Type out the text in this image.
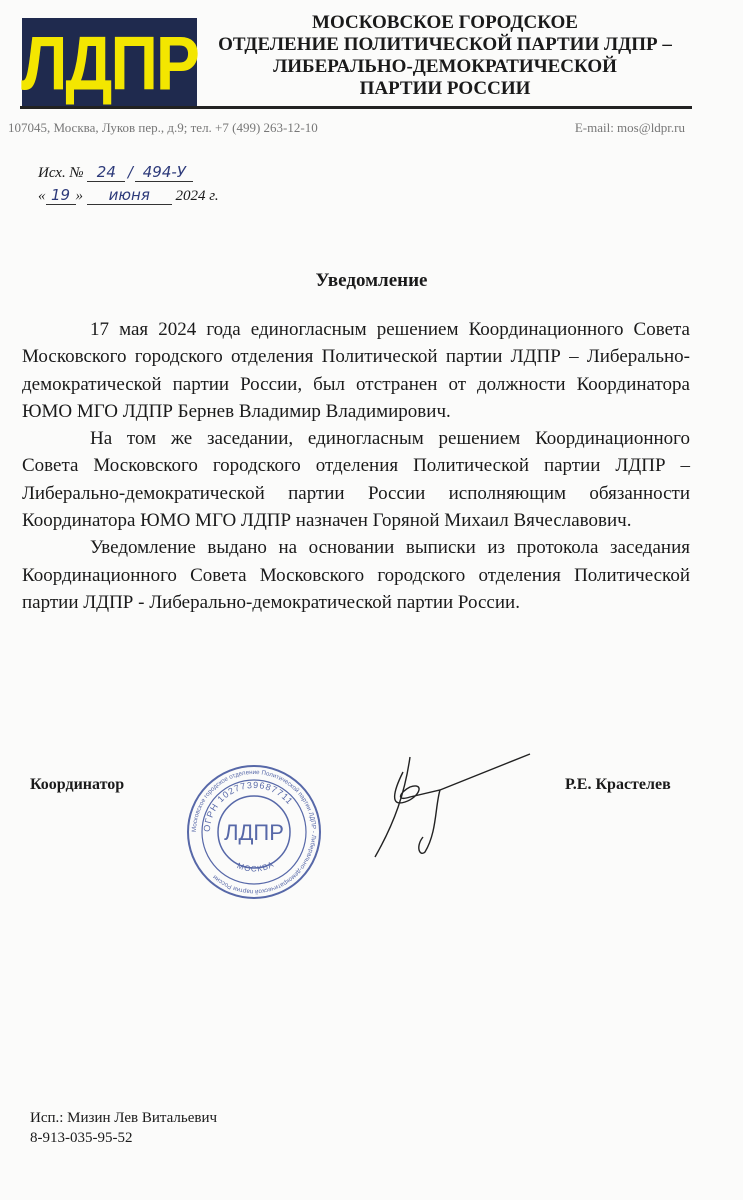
ЛДПР	МОСКОВСКОЕ ГОРОДСКОЕ
ОТДЕЛЕНИЕ ПОЛИТИЧЕСКОЙ ПАРТИИ ЛДПР –
ЛИБЕРАЛЬНО-ДЕМОКРАТИЧЕСКОЙ
ПАРТИИ РОССИИ
107045, Москва, Луков пер., д.9; тел. +7 (499) 263-12-10	E-mail: mos@ldpr.ru
Исх. № 24 / 494-У
« 19 » июня 2024 г.
Уведомление

17 мая 2024 года единогласным решением Координационного Совета Московского городского отделения Политической партии ЛДПР – Либерально-демократической партии России, был отстранен от должности Координатора ЮМО МГО ЛДПР Бернев Владимир Владимирович.

На том же заседании, единогласным решением Координационного Совета Московского городского отделения Политической партии ЛДПР – Либерально-демократической партии России исполняющим обязанности Координатора ЮМО МГО ЛДПР назначен Горяной Михаил Вячеславович.

Уведомление выдано на основании выписки из протокола заседания Координационного Совета Московского городского отделения Политической партии ЛДПР - Либерально-демократической партии России.

Координатор	Р.Е. Крастелев
Московское городское отделение Политической партии ЛДПР - Либерально-демократической партии России
ОГРН 1027739687711
МОСКВА
ЛДПР
Исп.: Мизин Лев Витальевич
8-913-035-95-52
